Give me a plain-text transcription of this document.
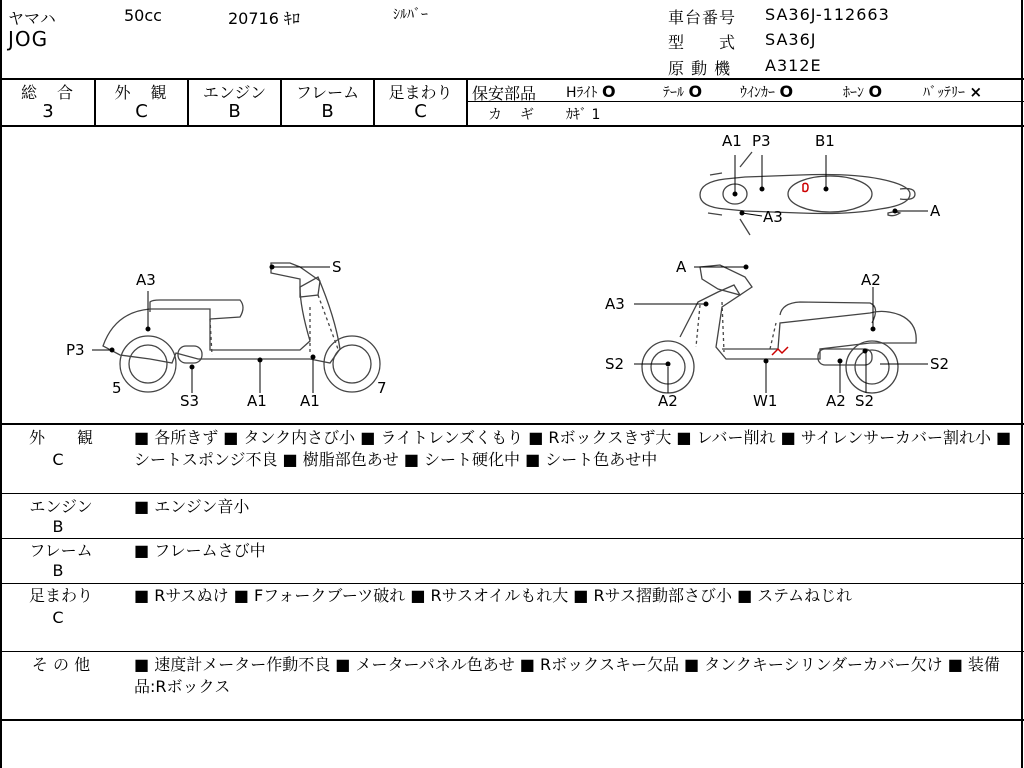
ヤマハ	50cc	20716 ｷﾛ	ｼﾙﾊﾞｰ
JOG
車台番号 SA36J-112663
型　　式 SA36J
原 動 機 A312E
総　合
3
外　観
C
エンジン
B
フレーム
B
足まわり
C
保安部品 Hﾗｲﾄ O	ﾃｰﾙ O	ｳｲﾝｶｰ O	ﾎｰﾝ O	ﾊﾞｯﾃﾘｰ ×
カ　ギ ｶｷﾞ 1
A1 P3	B1
A3	A
S
A3
P3
5
S3	A1 A1
7
A
A2
A3
S2	S2
A2	W1	A2 S2
外　　観
C
■ 各所きず ■ タンク内さび小 ■ ライトレンズくもり ■ Rボックスきず大 ■ レバー削れ ■ サイレンサーカバー割れ小 ■ シートスポンジ不良 ■ 樹脂部色あせ ■ シート硬化中 ■ シート色あせ中
エンジン
B
■ エンジン音小
フレーム
B
■ フレームさび中
足まわり
C
■ Rサスぬけ ■ Fフォークブーツ破れ ■ Rサスオイルもれ大 ■ Rサス摺動部さび小 ■ ステムねじれ
そ の 他	■ 速度計メーター作動不良 ■ メーターパネル色あせ ■ Rボックスキー欠品 ■ タンクキーシリンダーカバー欠け ■ 装備品:Rボックス
